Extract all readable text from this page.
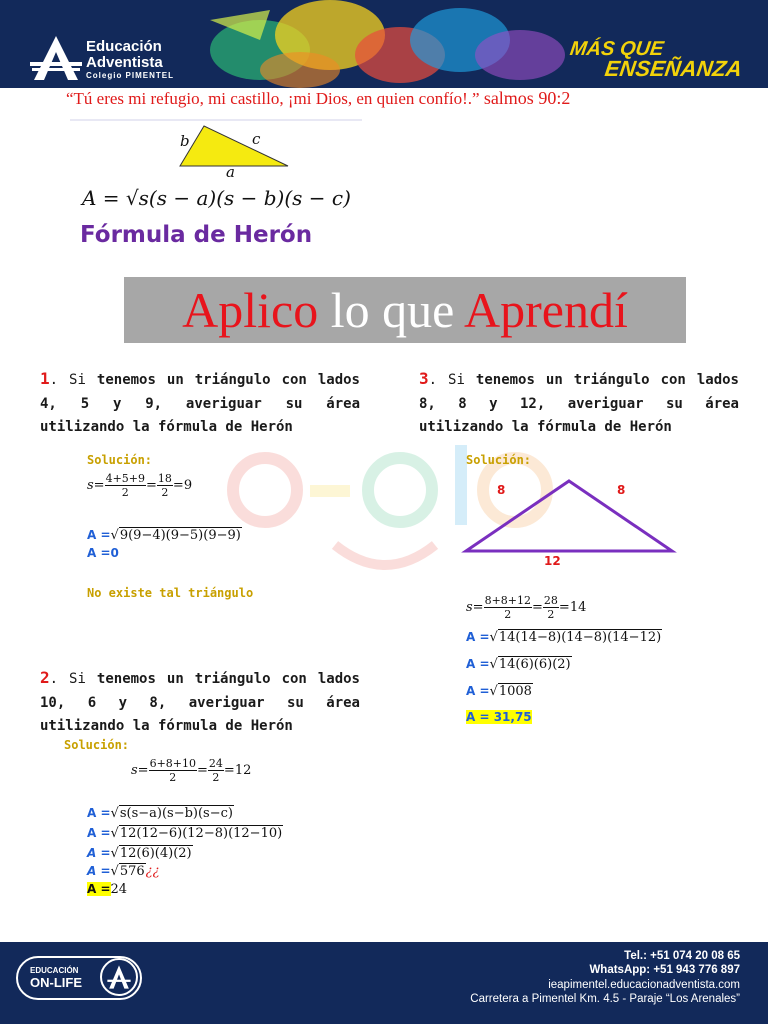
Educación
Adventista
Colegio PIMENTEL
MÁS QUE
ENSEÑANZA
“Tú eres mi refugio, mi castillo, ¡mi Dios, en quien confío!.” salmos 90:2
b	c
a
A = √s(s − a)(s − b)(s − c)
Fórmula de Herón
Aplico lo que Aprendí
1. Si tenemos un triángulo con lados 4, 5 y 9, averiguar su área utilizando la fórmula de Herón
Solución:
$s= \frac{4+5+9}{2} = \frac{18}{2} =9$
A =√9(9−4)(9−5)(9−9)
A =0
No existe tal triángulo
2. Si tenemos un triángulo con lados 10, 6 y 8, averiguar su área utilizando la fórmula de Herón
Solución:
$s= \frac{6+8+10}{2} = \frac{24}{2} =12$
A =√s(s−a)(s−b)(s−c)
A =√12(12−6)(12−8)(12−10)
A =√12(6)(4)(2)
A =√576¿¿
A =24
3. Si tenemos un triángulo con lados 8, 8 y 12, averiguar su área utilizando la fórmula de Herón
Solución:
8	8
12
$s= \frac{8+8+12}{2} = \frac{28}{2} =14$
A =√14(14−8)(14−8)(14−12)
A =√14(6)(6)(2)
A =√1008
A = 31,75
EDUCACIÓN
ON-LIFE
Tel.: +51 074 20 08 65
WhatsApp: +51 943 776 897
ieapimentel.educacionadventista.com
Carretera a Pimentel Km. 4.5 - Paraje “Los Arenales”
